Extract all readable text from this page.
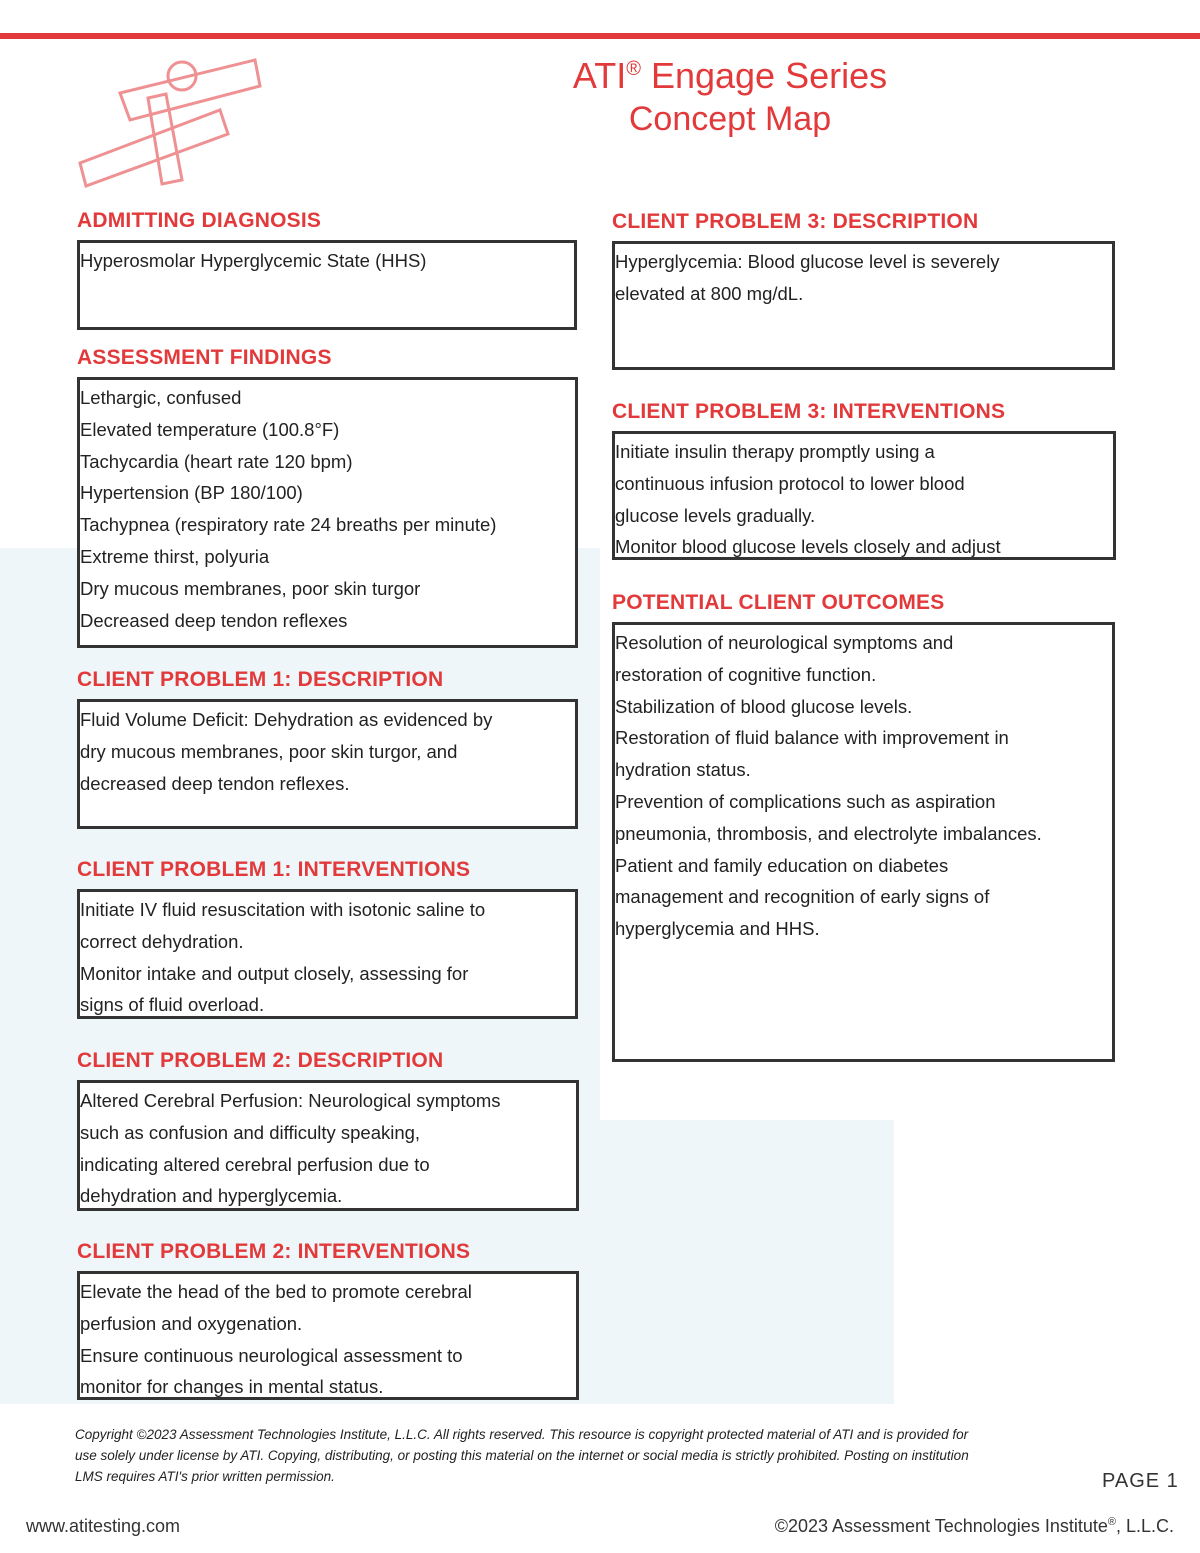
ATI® Engage Series
Concept Map
ADMITTING DIAGNOSIS
Hyperosmolar Hyperglycemic State (HHS)
ASSESSMENT FINDINGS
Lethargic, confused
Elevated temperature (100.8°F)
Tachycardia (heart rate 120 bpm)
Hypertension (BP 180/100)
Tachypnea (respiratory rate 24 breaths per minute)
Extreme thirst, polyuria
Dry mucous membranes, poor skin turgor
Decreased deep tendon reflexes
CLIENT PROBLEM 1: DESCRIPTION
Fluid Volume Deficit: Dehydration as evidenced by
dry mucous membranes, poor skin turgor, and
decreased deep tendon reflexes.
CLIENT PROBLEM 1: INTERVENTIONS
Initiate IV fluid resuscitation with isotonic saline to
correct dehydration.
Monitor intake and output closely, assessing for
signs of fluid overload.
CLIENT PROBLEM 2: DESCRIPTION
Altered Cerebral Perfusion: Neurological symptoms
such as confusion and difficulty speaking,
indicating altered cerebral perfusion due to
dehydration and hyperglycemia.
CLIENT PROBLEM 2: INTERVENTIONS
Elevate the head of the bed to promote cerebral
perfusion and oxygenation.
Ensure continuous neurological assessment to
monitor for changes in mental status.
CLIENT PROBLEM 3: DESCRIPTION
Hyperglycemia: Blood glucose level is severely
elevated at 800 mg/dL.
CLIENT PROBLEM 3: INTERVENTIONS
Initiate insulin therapy promptly using a
continuous infusion protocol to lower blood
glucose levels gradually.
Monitor blood glucose levels closely and adjust
POTENTIAL CLIENT OUTCOMES
Resolution of neurological symptoms and
restoration of cognitive function.
Stabilization of blood glucose levels.
Restoration of fluid balance with improvement in
hydration status.
Prevention of complications such as aspiration
pneumonia, thrombosis, and electrolyte imbalances.
Patient and family education on diabetes
management and recognition of early signs of
hyperglycemia and HHS.
Copyright ©2023 Assessment Technologies Institute, L.L.C. All rights reserved. This resource is copyright protected material of ATI and is provided for
use solely under license by ATI. Copying, distributing, or posting this material on the internet or social media is strictly prohibited. Posting on institution
LMS requires ATI's prior written permission.	PAGE 1
www.atitesting.com	©2023 Assessment Technologies Institute®, L.L.C.
